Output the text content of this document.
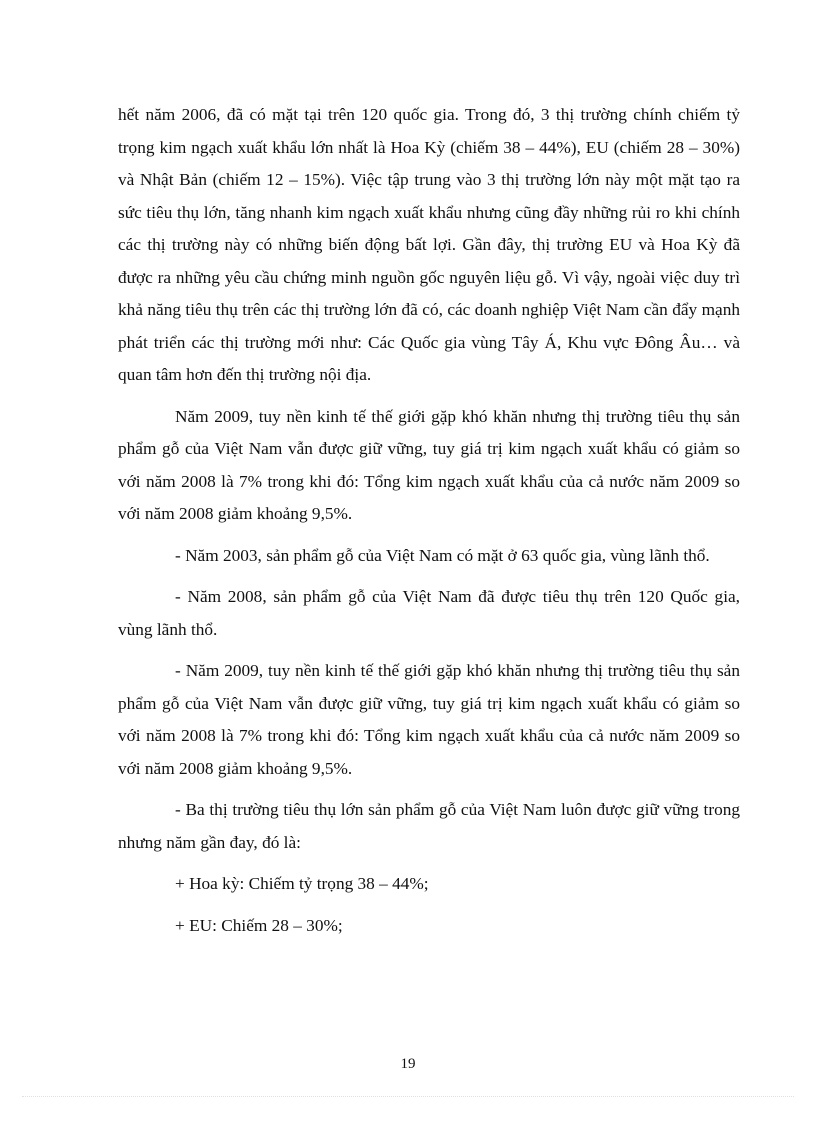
hết năm 2006, đã có mặt tại trên 120 quốc gia. Trong đó, 3 thị trường chính chiếm tỷ trọng kim ngạch xuất khẩu lớn nhất là Hoa Kỳ (chiếm 38 – 44%), EU (chiếm 28 – 30%) và Nhật Bản (chiếm 12 – 15%). Việc tập trung vào 3 thị trường lớn này một mặt tạo ra sức tiêu thụ lớn, tăng nhanh kim ngạch xuất khẩu nhưng cũng đầy những rủi ro khi chính các thị trường này có những biến động bất lợi. Gần đây, thị trường EU và Hoa Kỳ đã được ra những yêu cầu chứng minh nguồn gốc nguyên liệu gỗ. Vì vậy, ngoài việc duy trì khả năng tiêu thụ trên các thị trường lớn đã có, các doanh nghiệp Việt Nam cần đẩy mạnh phát triển các thị trường mới như: Các Quốc gia vùng Tây Á, Khu vực Đông Âu… và quan tâm hơn đến thị trường nội địa.

Năm 2009, tuy nền kinh tế thế giới gặp khó khăn nhưng thị trường tiêu thụ sản phẩm gỗ của Việt Nam vẫn được giữ vững, tuy giá trị kim ngạch xuất khẩu có giảm so với năm 2008 là 7% trong khi đó: Tổng kim ngạch xuất khẩu của cả nước năm 2009 so với năm 2008 giảm khoảng 9,5%.

- Năm 2003, sản phẩm gỗ của Việt Nam có mặt ở 63 quốc gia, vùng lãnh thổ.

- Năm 2008, sản phẩm gỗ của Việt Nam đã được tiêu thụ trên 120 Quốc gia, vùng lãnh thổ.

- Năm 2009, tuy nền kinh tế thế giới gặp khó khăn nhưng thị trường tiêu thụ sản phẩm gỗ của Việt Nam vẫn được giữ vững, tuy giá trị kim ngạch xuất khẩu có giảm so với năm 2008 là 7% trong khi đó: Tổng kim ngạch xuất khẩu của cả nước năm 2009 so với năm 2008 giảm khoảng 9,5%.

- Ba thị trường tiêu thụ lớn sản phẩm gỗ của Việt Nam luôn được giữ vững trong nhưng năm gần đay, đó là:

+ Hoa kỳ: Chiếm tỷ trọng 38 – 44%;

+ EU: Chiếm 28 – 30%;

19
